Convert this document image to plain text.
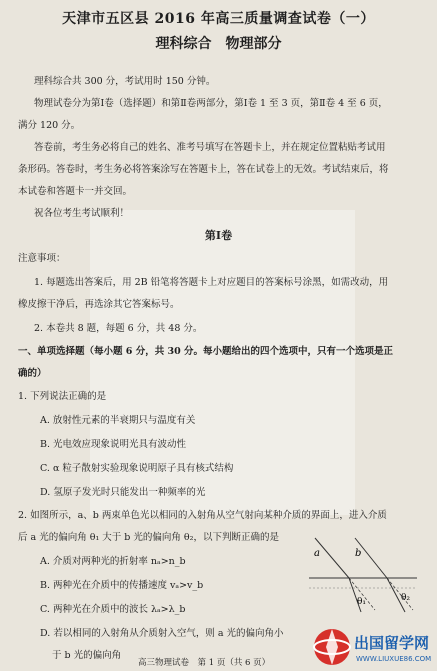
天津市五区县 2016 年高三质量调查试卷（一）
理科综合　物理部分
理科综合共 300 分，考试用时 150 分钟。
物理试卷分为第Ⅰ卷（选择题）和第Ⅱ卷两部分，第Ⅰ卷 1 至 3 页，第Ⅱ卷 4 至 6 页，
满分 120 分。
答卷前，考生务必将自己的姓名、准考号填写在答题卡上，并在规定位置粘贴考试用
条形码。答卷时，考生务必将答案涂写在答题卡上，答在试卷上的无效。考试结束后，将
本试卷和答题卡一并交回。
祝各位考生考试顺利！
第Ⅰ卷
注意事项：
1. 每题选出答案后，用 2B 铅笔将答题卡上对应题目的答案标号涂黑，如需改动，用
橡皮擦干净后，再选涂其它答案标号。
2. 本卷共 8 题，每题 6 分，共 48 分。
一、单项选择题（每小题 6 分，共 30 分。每小题给出的四个选项中，只有一个选项是正
确的）
1. 下列说法正确的是
A. 放射性元素的半衰期只与温度有关
B. 光电效应现象说明光具有波动性
C. α 粒子散射实验现象说明原子具有核式结构
D. 氢原子发光时只能发出一种频率的光
2. 如图所示，a、b 两束单色光以相同的入射角从空气射向某种介质的界面上，进入介质
后 a 光的偏向角 θ₁ 大于 b 光的偏向角 θ₂，以下判断正确的是
A. 介质对两种光的折射率 nₐ>n_b
B. 两种光在介质中的传播速度 vₐ>v_b
C. 两种光在介质中的波长 λₐ>λ_b
D. 若以相同的入射角从介质射入空气，则 a 光的偏向角小
于 b 光的偏向角
a	b
θ₁	θ₂
高三物理试卷　第 1 页（共 6 页）
出国留学网
WWW.LIUXUE86.COM
